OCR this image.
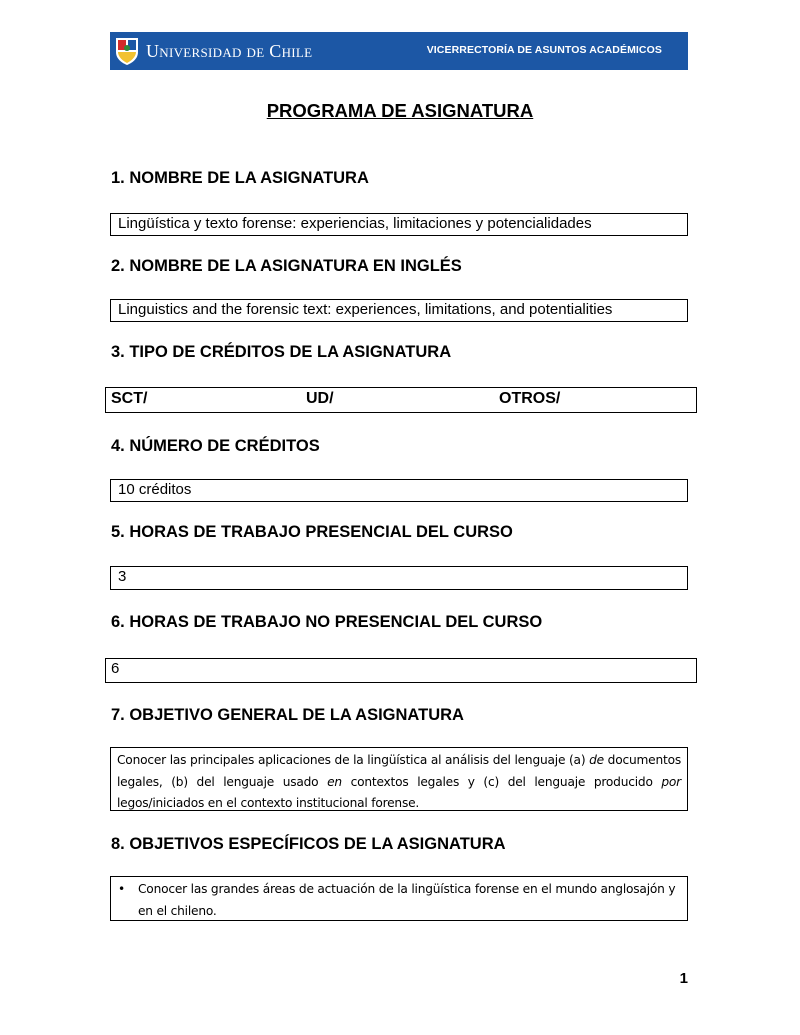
Universidad de Chile	VICERRECTORÍA DE ASUNTOS ACADÉMICOS
PROGRAMA DE ASIGNATURA
1. NOMBRE DE LA ASIGNATURA
Lingüística y texto forense: experiencias, limitaciones y potencialidades
2. NOMBRE DE LA ASIGNATURA EN INGLÉS
Linguistics and the forensic text: experiences, limitations, and potentialities
3. TIPO DE CRÉDITOS DE LA ASIGNATURA
SCT/	UD/	OTROS/
4. NÚMERO DE CRÉDITOS
10 créditos
5. HORAS DE TRABAJO PRESENCIAL DEL CURSO
3
6. HORAS DE TRABAJO NO PRESENCIAL DEL CURSO
6
7. OBJETIVO GENERAL DE LA ASIGNATURA
Conocer las principales aplicaciones de la lingüística al análisis del lenguaje (a) de documentos legales, (b) del lenguaje usado en contextos legales y (c) del lenguaje producido por legos/iniciados en el contexto institucional forense.
8. OBJETIVOS ESPECÍFICOS DE LA ASIGNATURA
•	Conocer las grandes áreas de actuación de la lingüística forense en el mundo anglosajón y en el chileno.
1
